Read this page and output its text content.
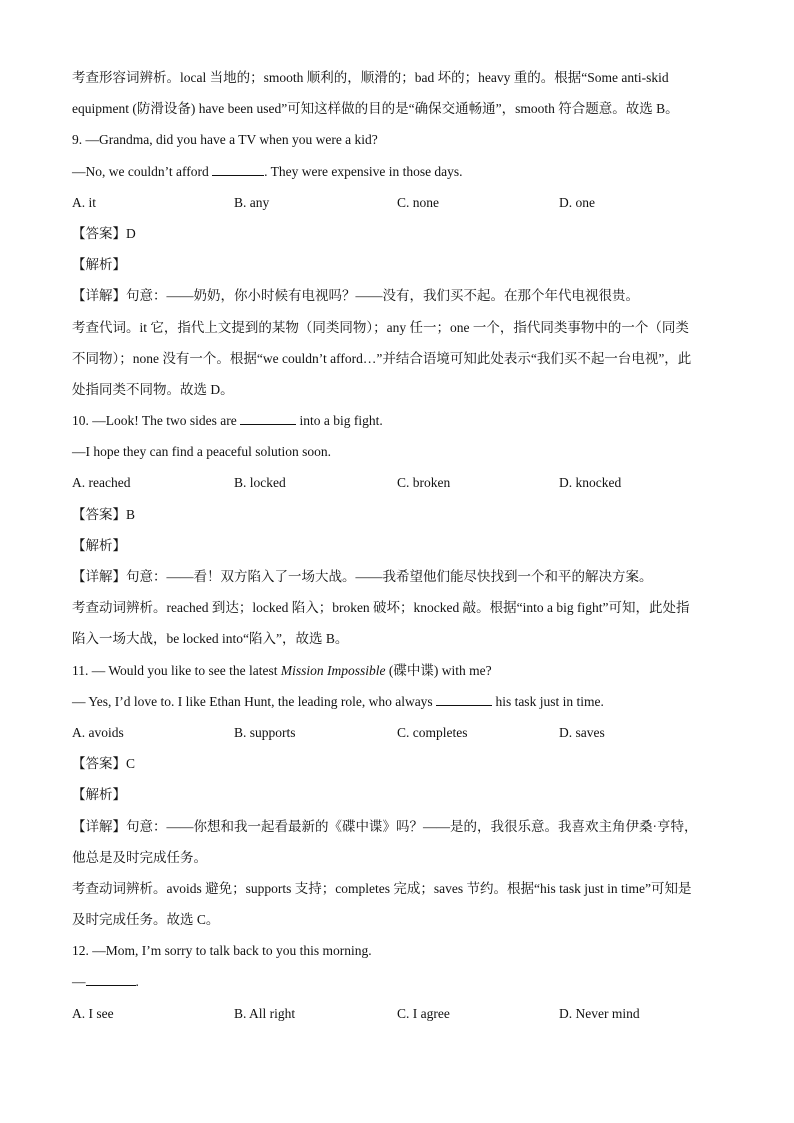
考查形容词辨析。local 当地的；smooth 顺利的，顺滑的；bad 坏的；heavy 重的。根据“Some anti-skid
equipment (防滑设备) have been used”可知这样做的目的是“确保交通畅通”，smooth 符合题意。故选 B。
9. —Grandma, did you have a TV when you were a kid?
—No, we couldn’t afford	. They were expensive in those days.
A. it	B. any	C. none	D. one
【答案】D
【解析】
【详解】句意：——奶奶，你小时候有电视吗？——没有，我们买不起。在那个年代电视很贵。
考查代词。it 它，指代上文提到的某物（同类同物）；any 任一；one 一个，指代同类事物中的一个（同类
不同物）；none 没有一个。根据“we couldn’t afford…”并结合语境可知此处表示“我们买不起一台电视”，此
处指同类不同物。故选 D。
10. —Look! The two sides are	into a big fight.
—I hope they can find a peaceful solution soon.
A. reached	B. locked	C. broken	D. knocked
【答案】B
【解析】
【详解】句意：——看！双方陷入了一场大战。——我希望他们能尽快找到一个和平的解决方案。
考查动词辨析。reached 到达；locked 陷入；broken 破坏；knocked 敲。根据“into a big fight”可知，此处指
陷入一场大战，be locked into“陷入”，故选 B。
11. — Would you like to see the latest Mission Impossible (碟中谍) with me?
— Yes, I’d love to. I like Ethan Hunt, the leading role, who always	his task just in time.
A. avoids	B. supports	C. completes	D. saves
【答案】C
【解析】
【详解】句意：——你想和我一起看最新的《碟中谍》吗？——是的，我很乐意。我喜欢主角伊桑·亨特，
他总是及时完成任务。
考查动词辨析。avoids 避免；supports 支持；completes 完成；saves 节约。根据“his task just in time”可知是
及时完成任务。故选 C。
12. —Mom, I’m sorry to talk back to you this morning.
—	.
A. I see	B. All right	C. I agree	D. Never mind
